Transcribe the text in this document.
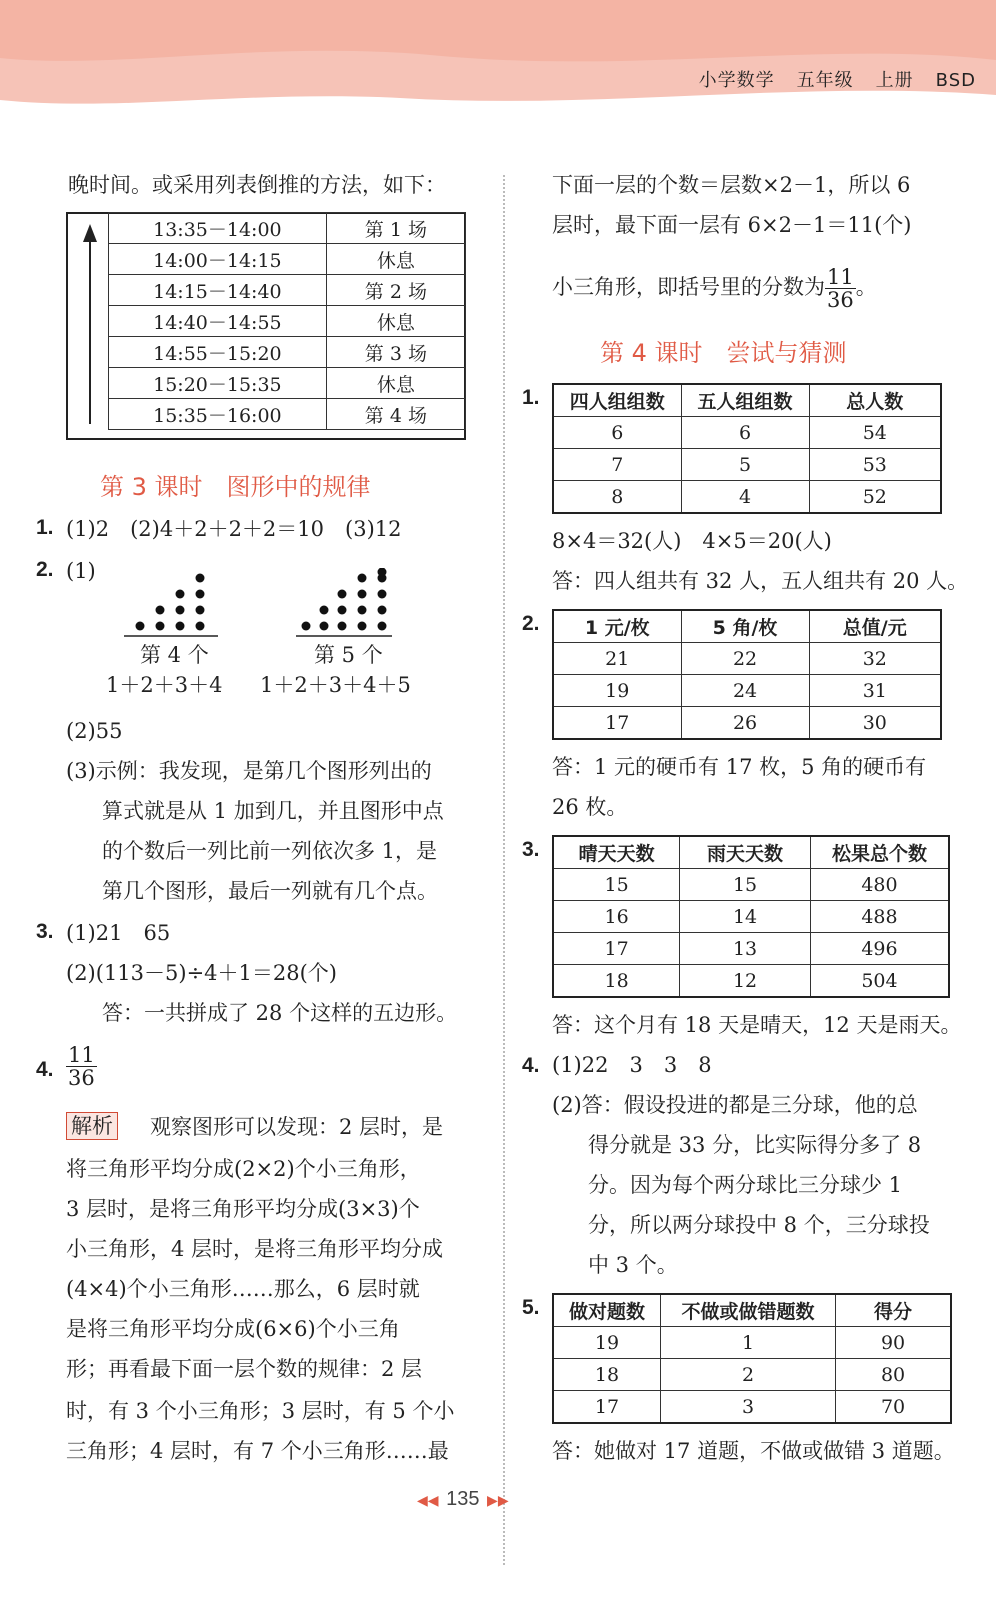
小学数学 五年级 上册 BSD
晚时间。或采用列表倒推的方法，如下：
13:35－14:00	第 1 场
14:00－14:15	休息
14:15－14:40	第 2 场
14:40－14:55	休息
14:55－15:20	第 3 场
15:20－15:35	休息
15:35－16:00	第 4 场
第 3 课时　图形中的规律
1. (1)2　(2)4＋2＋2＋2＝10　(3)12
2. (1)
第 4 个	第 5 个
1＋2＋3＋4 1＋2＋3＋4＋5
(2)55
(3)示例：我发现，是第几个图形列出的
算式就是从 1 加到几，并且图形中点
的个数后一列比前一列依次多 1，是
第几个图形，最后一列就有几个点。
3. (1)21　65
(2)(113－5)÷4＋1＝28(个)
答：一共拼成了 28 个这样的五边形。
4. $\frac{11}{36}$
解析 观察图形可以发现：2 层时，是
将三角形平均分成(2×2)个小三角形，
3 层时，是将三角形平均分成(3×3)个
小三角形，4 层时，是将三角形平均分成
(4×4)个小三角形……那么，6 层时就
是将三角形平均分成(6×6)个小三角
形；再看最下面一层个数的规律：2 层
时，有 3 个小三角形；3 层时，有 5 个小
三角形；4 层时，有 7 个小三角形……最
下面一层的个数＝层数×2－1，所以 6
层时，最下面一层有 6×2－1＝11(个)
小三角形，即括号里的分数为 $\frac{11}{36}$ 。
第 4 课时　尝试与猜测
1. 四人组组数	五人组组数	总人数
6	6	54
7	5	53
8	4	52
8×4＝32(人)　4×5＝20(人)
答：四人组共有 32 人，五人组共有 20 人。
2. 1 元/枚	5 角/枚	总值/元
21	22	32
19	24	31
17	26	30
答：1 元的硬币有 17 枚，5 角的硬币有
26 枚。
3. 晴天天数	雨天天数	松果总个数
15	15	480
16	14	488
17	13	496
18	12	504
答：这个月有 18 天是晴天，12 天是雨天。
4. (1)22　3　3　8
(2)答：假设投进的都是三分球，他的总
得分就是 33 分，比实际得分多了 8
分。因为每个两分球比三分球少 1
分，所以两分球投中 8 个，三分球投
中 3 个。
5. 做对题数	不做或做错题数	得分
19	1	90
18	2	80
17	3	70
答：她做对 17 道题，不做或做错 3 道题。
◀◀ 135 ▶▶
